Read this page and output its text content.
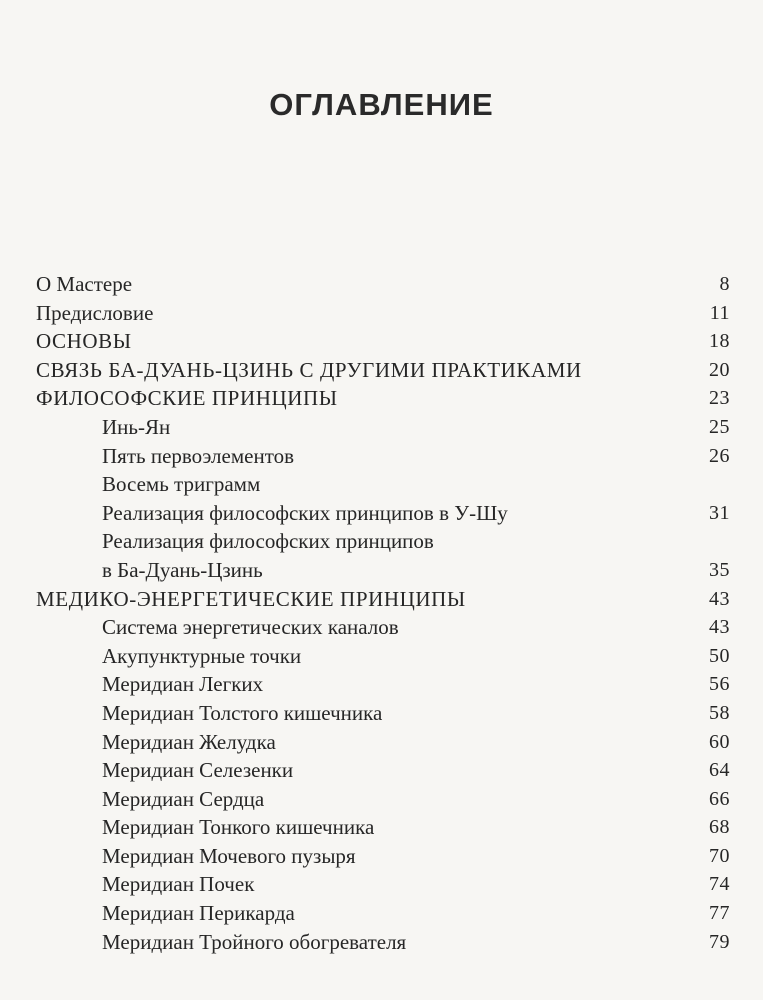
ОГЛАВЛЕНИЕ
О Мастере	8
Предисловие	11
ОСНОВЫ	18
СВЯЗЬ БА-ДУАНЬ-ЦЗИНЬ С ДРУГИМИ ПРАКТИКАМИ	20
ФИЛОСОФСКИЕ ПРИНЦИПЫ	23
Инь-Ян	25
Пять первоэлементов	26
Восемь триграмм
Реализация философских принципов в У-Шу	31
Реализация философских принципов
в Ба-Дуань-Цзинь	35
МЕДИКО-ЭНЕРГЕТИЧЕСКИЕ ПРИНЦИПЫ	43
Система энергетических каналов	43
Акупунктурные точки	50
Меридиан Легких	56
Меридиан Толстого кишечника	58
Меридиан Желудка	60
Меридиан Селезенки	64
Меридиан Сердца	66
Меридиан Тонкого кишечника	68
Меридиан Мочевого пузыря	70
Меридиан Почек	74
Меридиан Перикарда	77
Меридиан Тройного обогревателя	79
